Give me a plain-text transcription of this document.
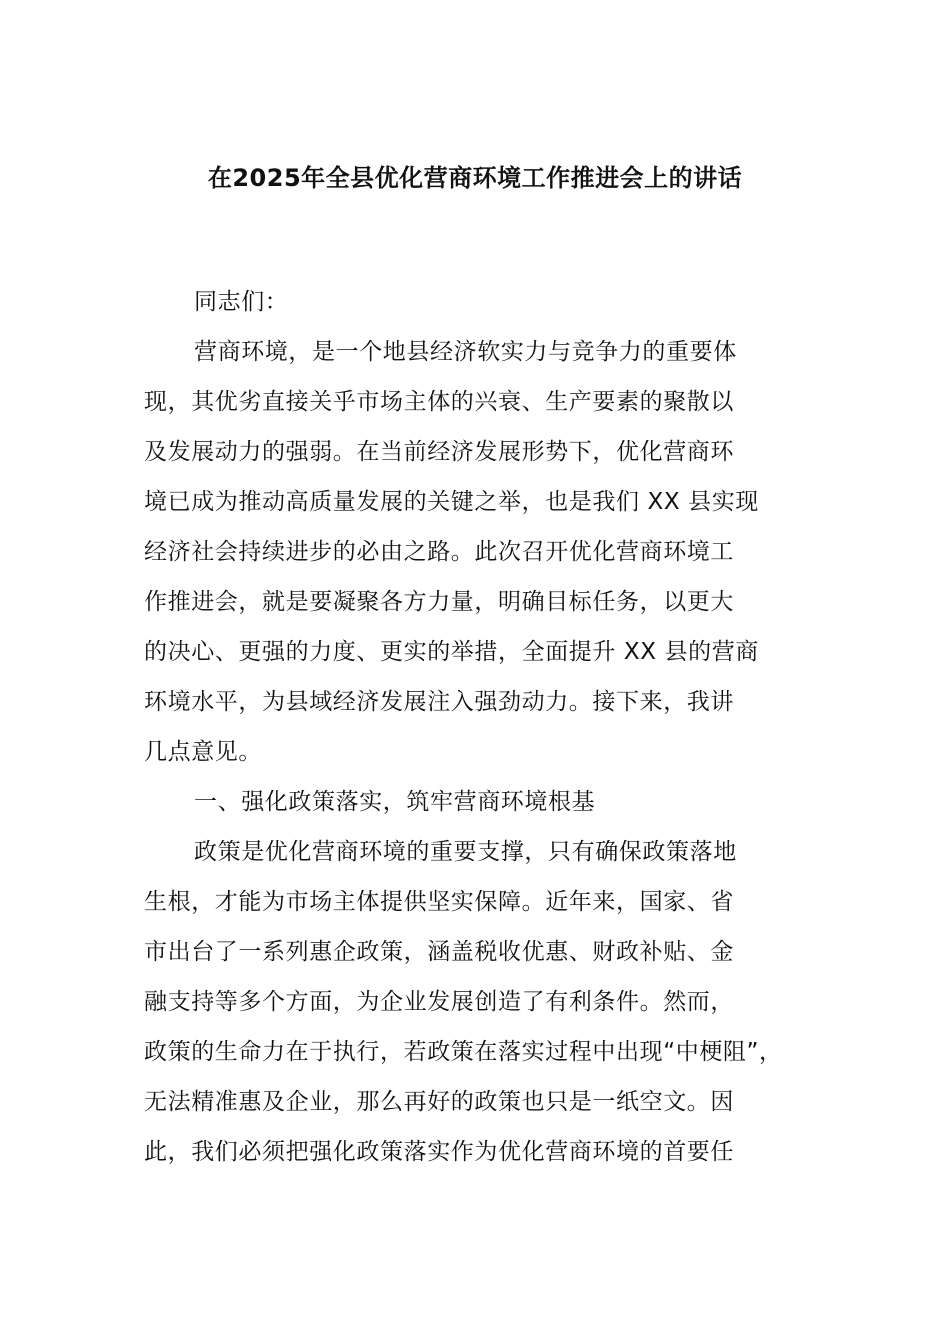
在2025年全县优化营商环境工作推进会上的讲话
同志们：
营商环境，是一个地县经济软实力与竞争力的重要体
现，其优劣直接关乎市场主体的兴衰、生产要素的聚散以
及发展动力的强弱。在当前经济发展形势下，优化营商环
境已成为推动高质量发展的关键之举，也是我们 XX 县实现
经济社会持续进步的必由之路。此次召开优化营商环境工
作推进会，就是要凝聚各方力量，明确目标任务，以更大
的决心、更强的力度、更实的举措，全面提升 XX 县的营商
环境水平，为县域经济发展注入强劲动力。接下来，我讲
几点意见。
一、强化政策落实，筑牢营商环境根基
政策是优化营商环境的重要支撑，只有确保政策落地
生根，才能为市场主体提供坚实保障。近年来，国家、省
市出台了一系列惠企政策，涵盖税收优惠、财政补贴、金
融支持等多个方面，为企业发展创造了有利条件。然而，
政策的生命力在于执行，若政策在落实过程中出现“中梗阻”，
无法精准惠及企业，那么再好的政策也只是一纸空文。因
此，我们必须把强化政策落实作为优化营商环境的首要任
